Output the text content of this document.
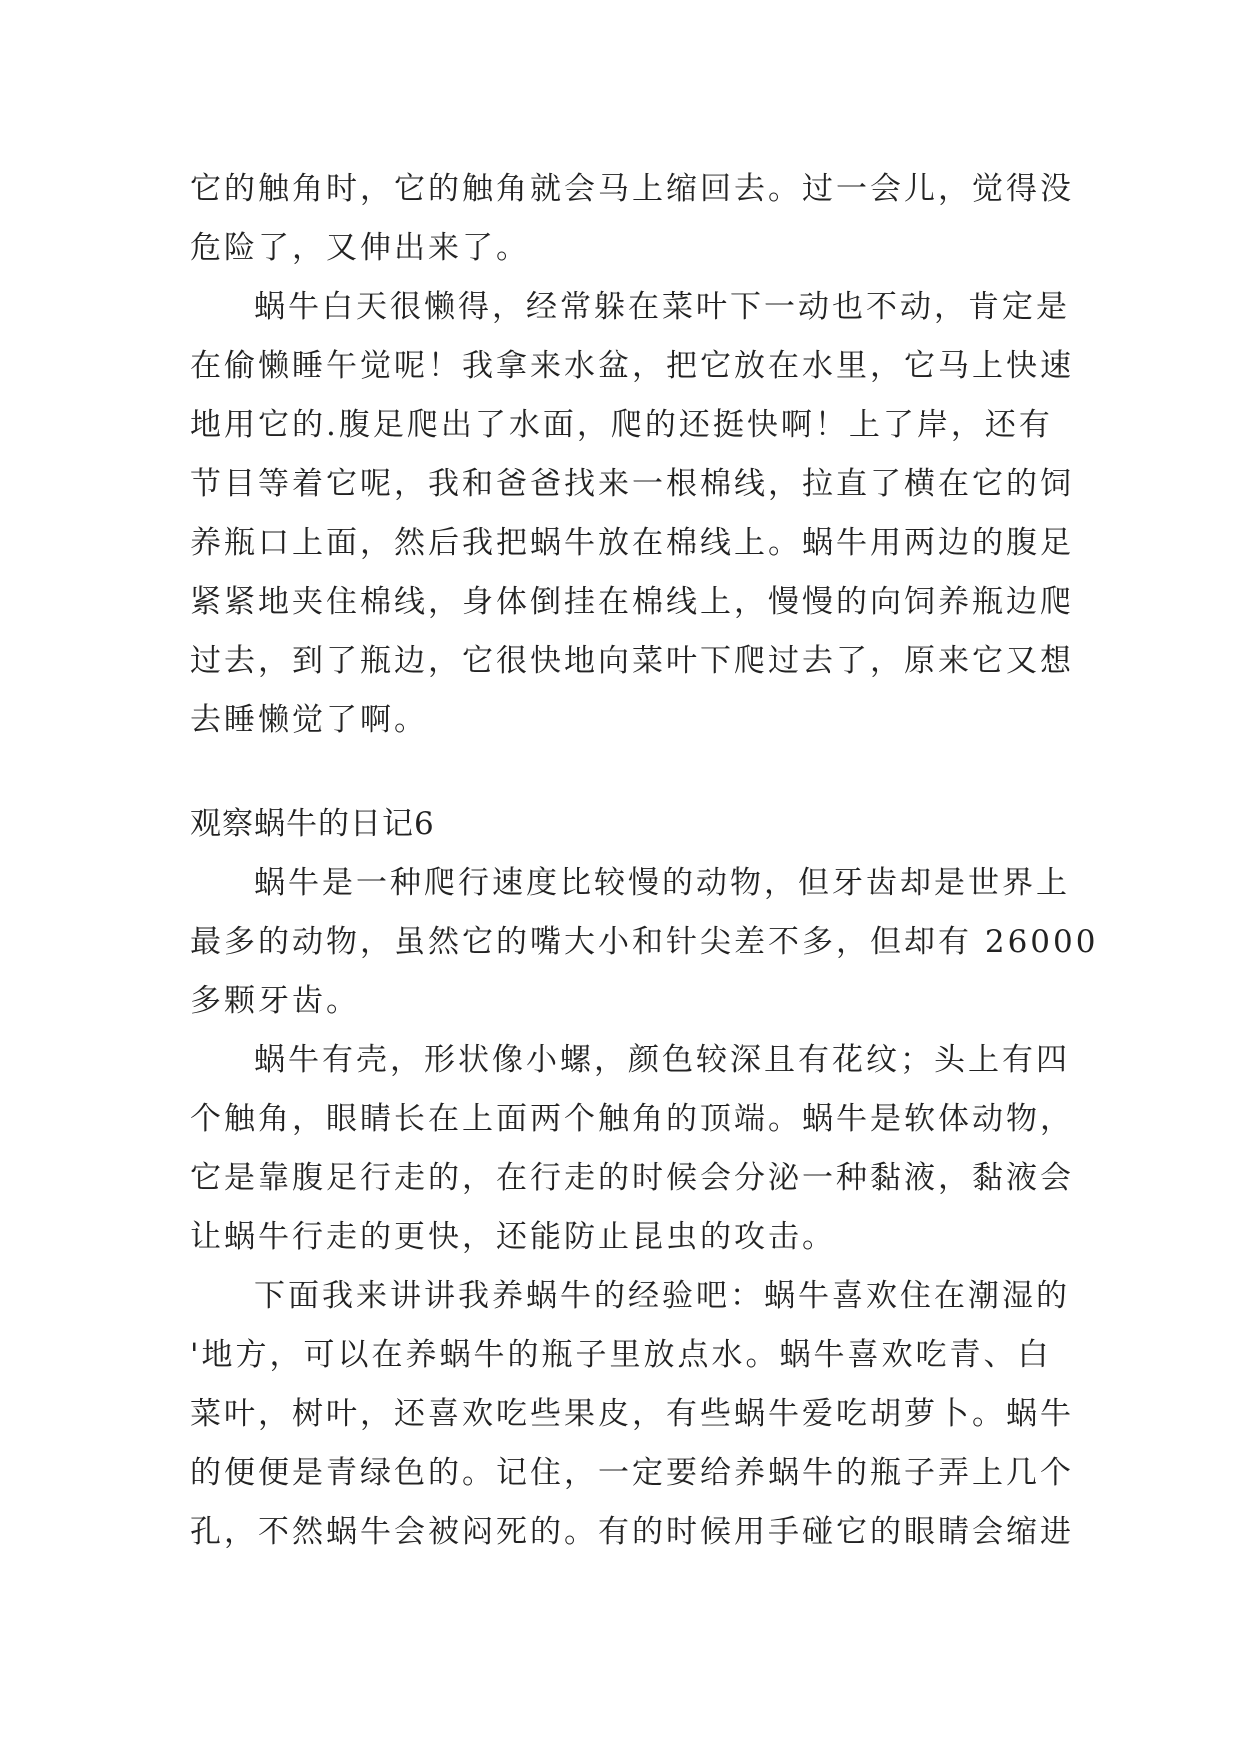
它的触角时，它的触角就会马上缩回去。过一会儿，觉得没

危险了，又伸出来了。

蜗牛白天很懒得，经常躲在菜叶下一动也不动，肯定是

在偷懒睡午觉呢！我拿来水盆，把它放在水里，它马上快速

地用它的.腹足爬出了水面，爬的还挺快啊！上了岸，还有

节目等着它呢，我和爸爸找来一根棉线，拉直了横在它的饲

养瓶口上面，然后我把蜗牛放在棉线上。蜗牛用两边的腹足

紧紧地夹住棉线，身体倒挂在棉线上，慢慢的向饲养瓶边爬

过去，到了瓶边，它很快地向菜叶下爬过去了，原来它又想

去睡懒觉了啊。

观察蜗牛的日记6

蜗牛是一种爬行速度比较慢的动物，但牙齿却是世界上

最多的动物，虽然它的嘴大小和针尖差不多，但却有 26000

多颗牙齿。

蜗牛有壳，形状像小螺，颜色较深且有花纹；头上有四

个触角，眼睛长在上面两个触角的顶端。蜗牛是软体动物，

它是靠腹足行走的，在行走的时候会分泌一种黏液，黏液会

让蜗牛行走的更快，还能防止昆虫的攻击。

下面我来讲讲我养蜗牛的经验吧：蜗牛喜欢住在潮湿的

'地方，可以在养蜗牛的瓶子里放点水。蜗牛喜欢吃青、白

菜叶，树叶，还喜欢吃些果皮，有些蜗牛爱吃胡萝卜。蜗牛

的便便是青绿色的。记住，一定要给养蜗牛的瓶子弄上几个

孔，不然蜗牛会被闷死的。有的时候用手碰它的眼睛会缩进
